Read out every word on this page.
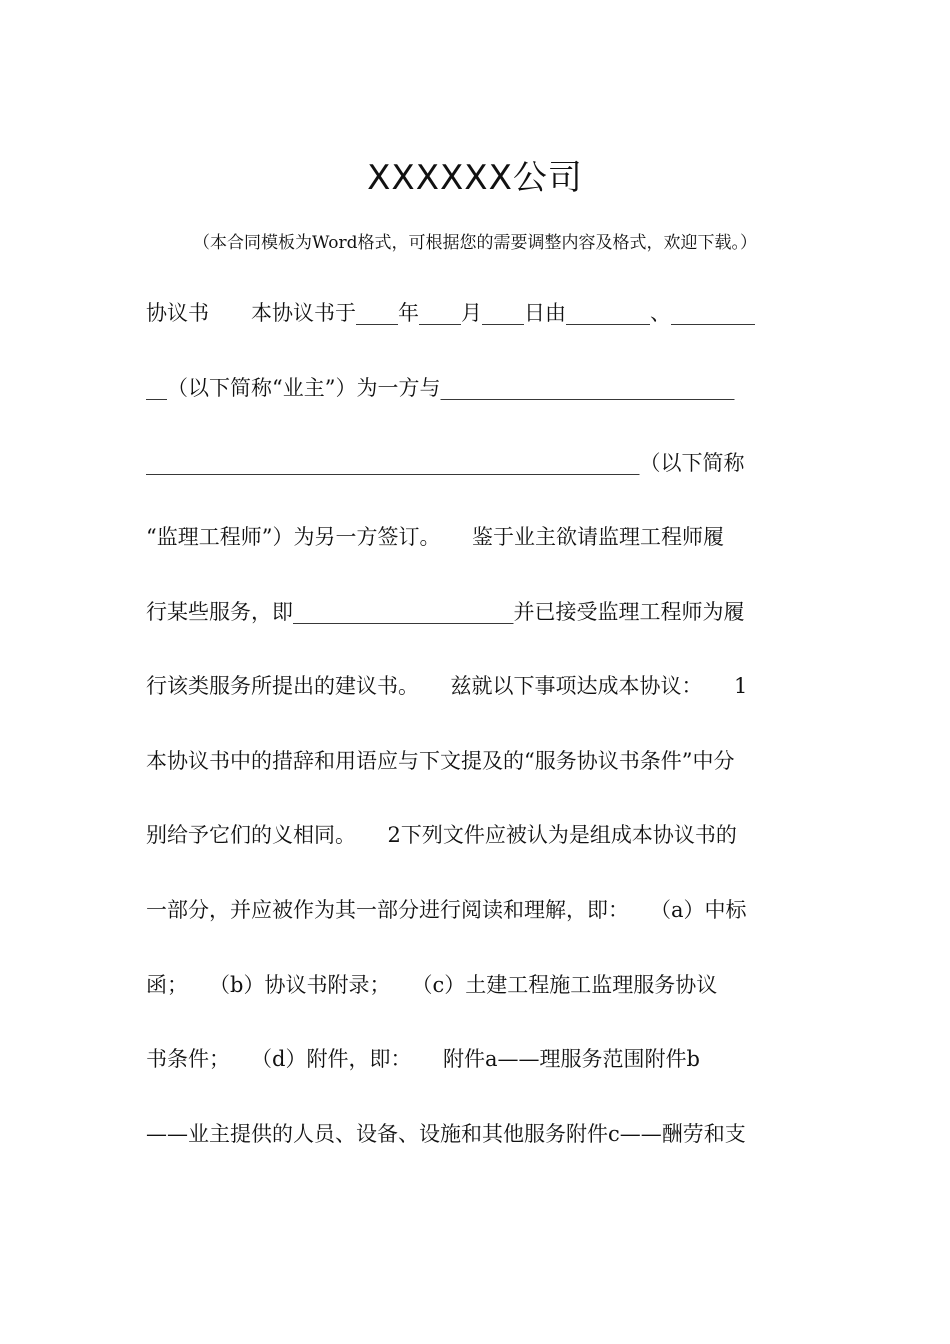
XXXXXX公司
（本合同模板为Word格式，可根据您的需要调整内容及格式，欢迎下载。）
协议书　　本协议书于____年____月____日由________、________
__（以下简称“业主”）为一方与____________________________
_______________________________________________（以下简称
“监理工程师”）为另一方签订。　　鉴于业主欲请监理工程师履
行某些服务，即_____________________并已接受监理工程师为履
行该类服务所提出的建议书。　　兹就以下事项达成本协议：　　1
本协议书中的措辞和用语应与下文提及的“服务协议书条件”中分
别给予它们的义相同。　　2下列文件应被认为是组成本协议书的
一部分，并应被作为其一部分进行阅读和理解，即：　　（a）中标
函；　　（b）协议书附录；　　（c）土建工程施工监理服务协议
书条件；　　（d）附件，即：　　附件a——理服务范围附件b
——业主提供的人员、设备、设施和其他服务附件c——酬劳和支
